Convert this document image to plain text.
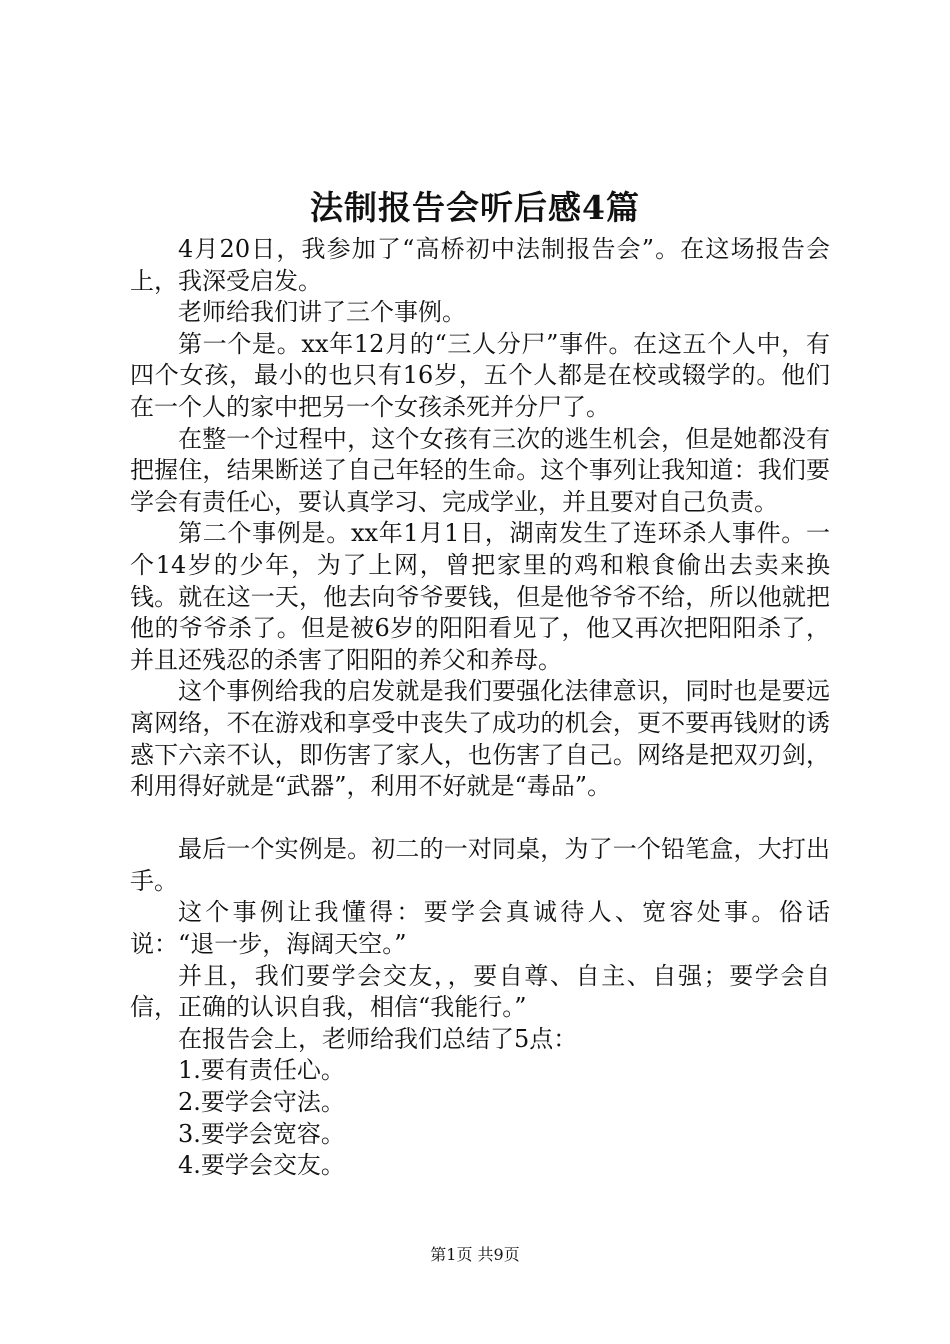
法制报告会听后感4篇

4月20日，我参加了“高桥初中法制报告会”。在这场报告会上，我深受启发。

老师给我们讲了三个事例。

第一个是。xx年12月的“三人分尸”事件。在这五个人中，有四个女孩，最小的也只有16岁，五个人都是在校或辍学的。他们在一个人的家中把另一个女孩杀死并分尸了。

在整一个过程中，这个女孩有三次的逃生机会，但是她都没有把握住，结果断送了自己年轻的生命。这个事列让我知道：我们要学会有责任心，要认真学习、完成学业，并且要对自己负责。

第二个事例是。xx年1月1日，湖南发生了连环杀人事件。一个14岁的少年，为了上网，曾把家里的鸡和粮食偷出去卖来换钱。就在这一天，他去向爷爷要钱，但是他爷爷不给，所以他就把他的爷爷杀了。但是被6岁的阳阳看见了，他又再次把阳阳杀了，并且还残忍的杀害了阳阳的养父和养母。

这个事例给我的启发就是我们要强化法律意识，同时也是要远离网络，不在游戏和享受中丧失了成功的机会，更不要再钱财的诱惑下六亲不认，即伤害了家人，也伤害了自己。网络是把双刃剑，利用得好就是“武器”，利用不好就是“毒品”。

最后一个实例是。初二的一对同桌，为了一个铅笔盒，大打出手。

这个事例让我懂得：要学会真诚待人、宽容处事。俗话说：“退一步，海阔天空。”

并且，我们要学会交友，，要自尊、自主、自强；要学会自信，正确的认识自我，相信“我能行。”

在报告会上，老师给我们总结了5点：

1.要有责任心。

2.要学会守法。

3.要学会宽容。

4.要学会交友。

第1页 共9页
